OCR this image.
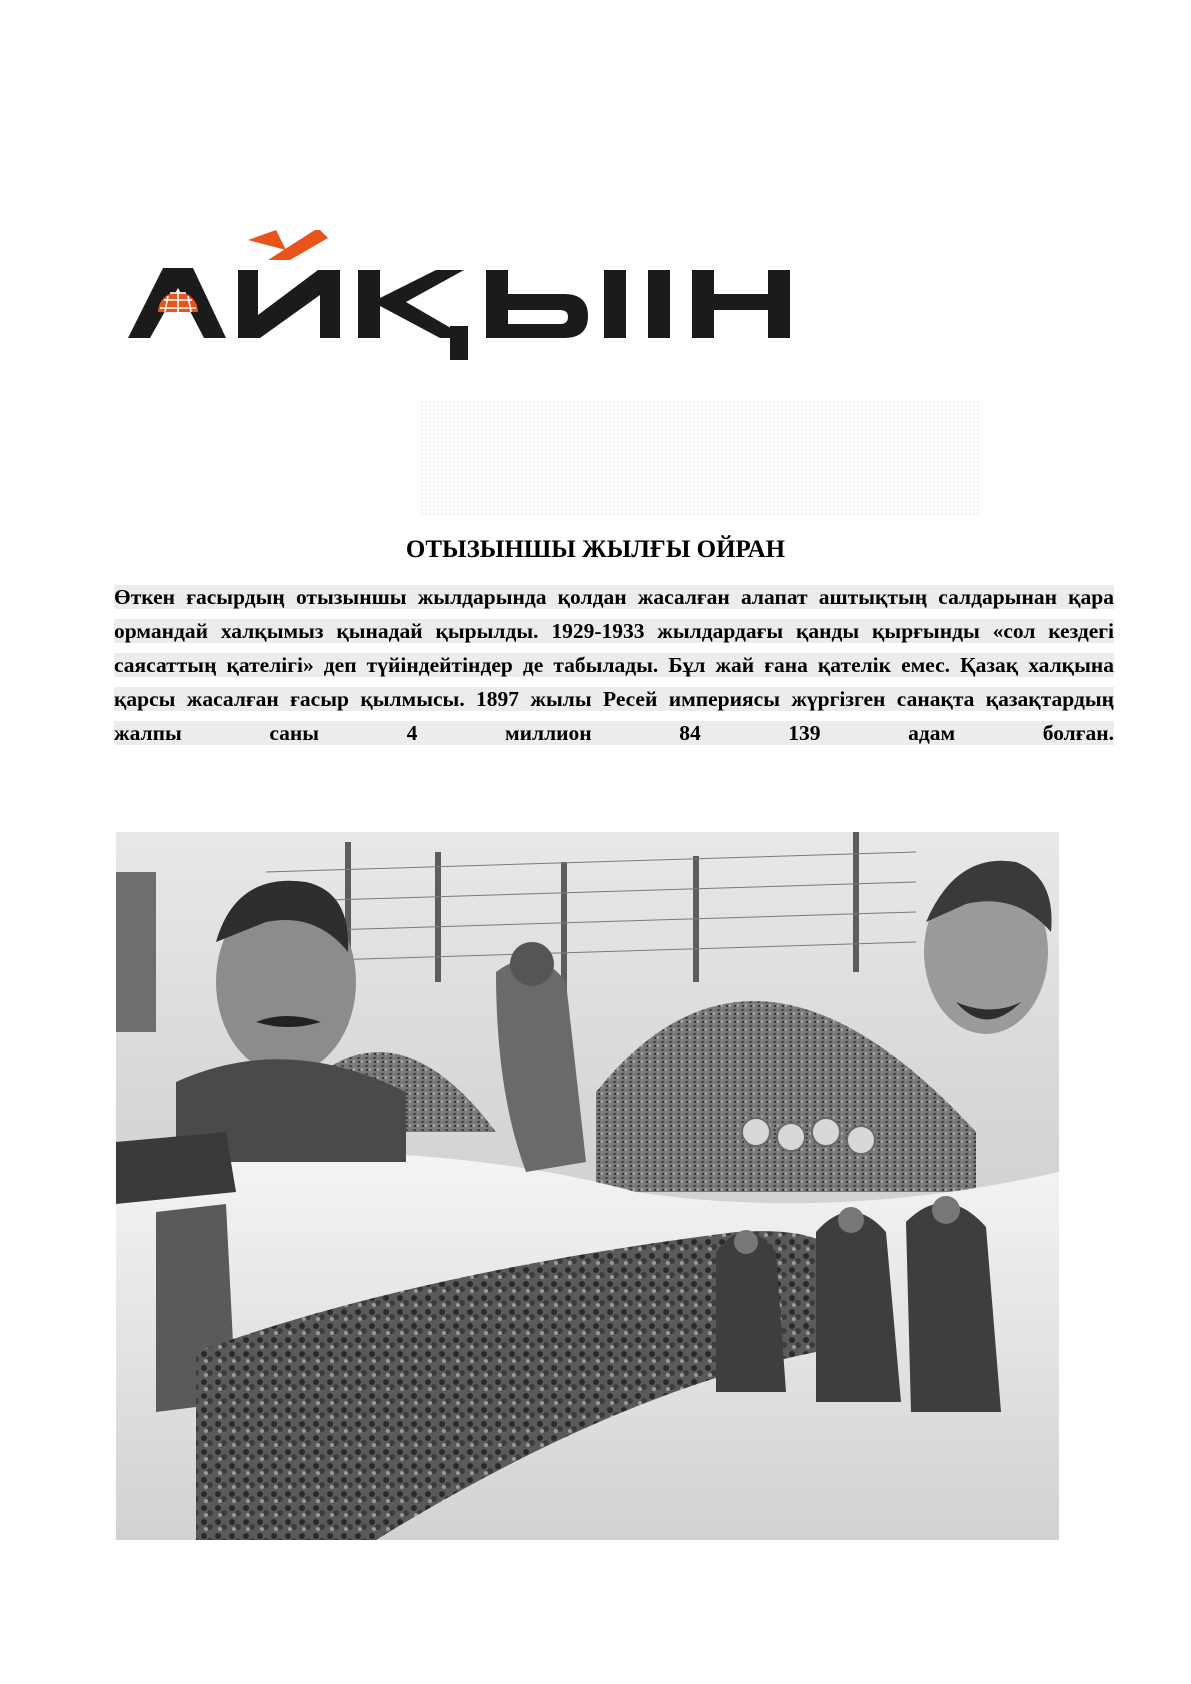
АЙҚЫН
ОТЫЗЫНШЫ ЖЫЛҒЫ ОЙРАН
Өткен ғасырдың отызыншы жылдарында қолдан жасалған алапат аштықтың салдарынан қара ормандай халқымыз қынадай қырылды. 1929-1933 жылдардағы қанды қырғынды «сол кездегі саясаттың қателігі» деп түйіндейтіндер де табылады. Бұл жай ғана қателік емес. Қазақ халқына қарсы жасалған ғасыр қылмысы. 1897 жылы Ресей империясы жүргізген санақта қазақтардың жалпы саны 4 миллион 84 139 адам болған.
